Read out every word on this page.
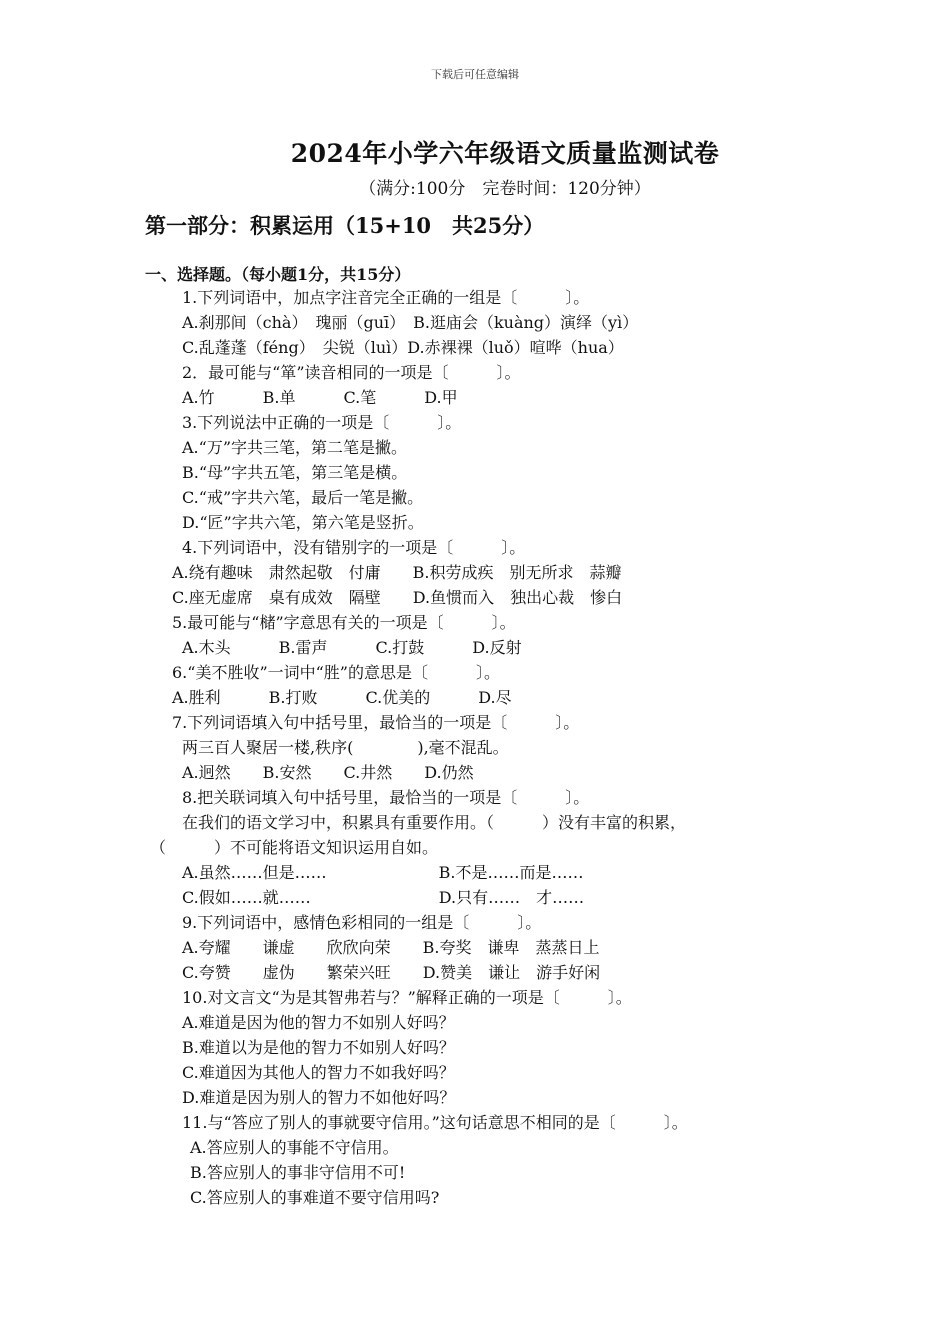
下载后可任意编辑
2024年小学六年级语文质量监测试卷
（满分:100分　完卷时间：120分钟）
第一部分：积累运用（15+10　共25分）
一、选择题。（每小题1分，共15分）
1.下列词语中，加点字注音完全正确的一组是〔　　　〕。
A.刹那间（chà）　瑰丽（guī）　B.逛庙会（kuàng）演绎（yì）
C.乱蓬蓬（féng）　尖锐（luì）D.赤裸裸（luǒ）喧哗（hua）
2．最可能与“箪”读音相同的一项是〔　　　〕。
A.竹　　　B.单　　　C.笔　　　D.甲
3.下列说法中正确的一项是〔　　　〕。
A.“万”字共三笔，第二笔是撇。
B.“母”字共五笔，第三笔是横。
C.“戒”字共六笔，最后一笔是撇。
D.“匠”字共六笔，第六笔是竖折。
4.下列词语中，没有错别字的一项是〔　　　〕。
A.绕有趣味　肃然起敬　付庸　　B.积劳成疾　别无所求　蒜瓣
C.座无虚席　桌有成效　隔壁　　D.鱼惯而入　独出心裁　惨白
5.最可能与“槠”字意思有关的一项是〔　　　〕。
A.木头　　　B.雷声　　　C.打鼓　　　D.反射
6.“美不胜收”一词中“胜”的意思是〔　　　〕。
A.胜利　　　B.打败　　　C.优美的　　　D.尽
7.下列词语填入句中括号里，最恰当的一项是〔　　　〕。
两三百人聚居一楼,秩序(　　　　),毫不混乱。
A.迥然　　B.安然　　C.井然　　D.仍然
8.把关联词填入句中括号里，最恰当的一项是〔　　　〕。
在我们的语文学习中，积累具有重要作用。（　　　）没有丰富的积累，
（　　　）不可能将语文知识运用自如。
A.虽然……但是……　　　　　　　B.不是……而是……
C.假如……就……　　　　　　　　D.只有……　才……
9.下列词语中，感情色彩相同的一组是〔　　　〕。
A.夸耀　　谦虚　　欣欣向荣　　B.夸奖　谦卑　蒸蒸日上
C.夸赞　　虚伪　　繁荣兴旺　　D.赞美　谦让　游手好闲
10.对文言文“为是其智弗若与？”解释正确的一项是〔　　　〕。
A.难道是因为他的智力不如别人好吗？
B.难道以为是他的智力不如别人好吗？
C.难道因为其他人的智力不如我好吗？
D.难道是因为别人的智力不如他好吗？
11.与“答应了别人的事就要守信用。”这句话意思不相同的是〔　　　〕。
A.答应别人的事能不守信用。
B.答应别人的事非守信用不可!
C.答应别人的事难道不要守信用吗?
